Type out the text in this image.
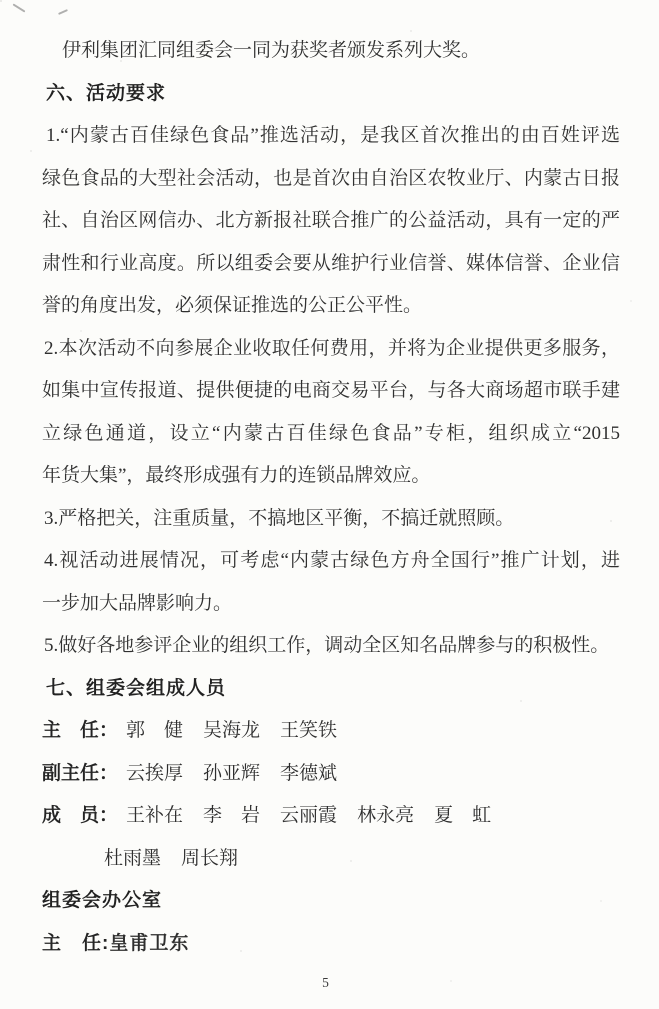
伊利集团汇同组委会一同为获奖者颁发系列大奖。
六、活动要求
1.“内蒙古百佳绿色食品”推选活动，是我区首次推出的由百姓评选
绿色食品的大型社会活动，也是首次由自治区农牧业厅、内蒙古日报
社、自治区网信办、北方新报社联合推广的公益活动，具有一定的严
肃性和行业高度。所以组委会要从维护行业信誉、媒体信誉、企业信
誉的角度出发，必须保证推选的公正公平性。
2.本次活动不向参展企业收取任何费用，并将为企业提供更多服务，
如集中宣传报道、提供便捷的电商交易平台，与各大商场超市联手建
立绿色通道，设立“内蒙古百佳绿色食品”专柜，组织成立“2015
年货大集”，最终形成强有力的连锁品牌效应。
3.严格把关，注重质量，不搞地区平衡，不搞迁就照顾。
4.视活动进展情况，可考虑“内蒙古绿色方舟全国行”推广计划，进
一步加大品牌影响力。
5.做好各地参评企业的组织工作，调动全区知名品牌参与的积极性。
七、组委会组成人员
主　任： 郭　健 吴海龙 王笑铁
副主任： 云挨厚 孙亚辉 李德斌
成　员： 王补在 李　岩 云丽霞 林永亮 夏　虹
杜雨墨 周长翔
组委会办公室
主　任:皇甫卫东
5
